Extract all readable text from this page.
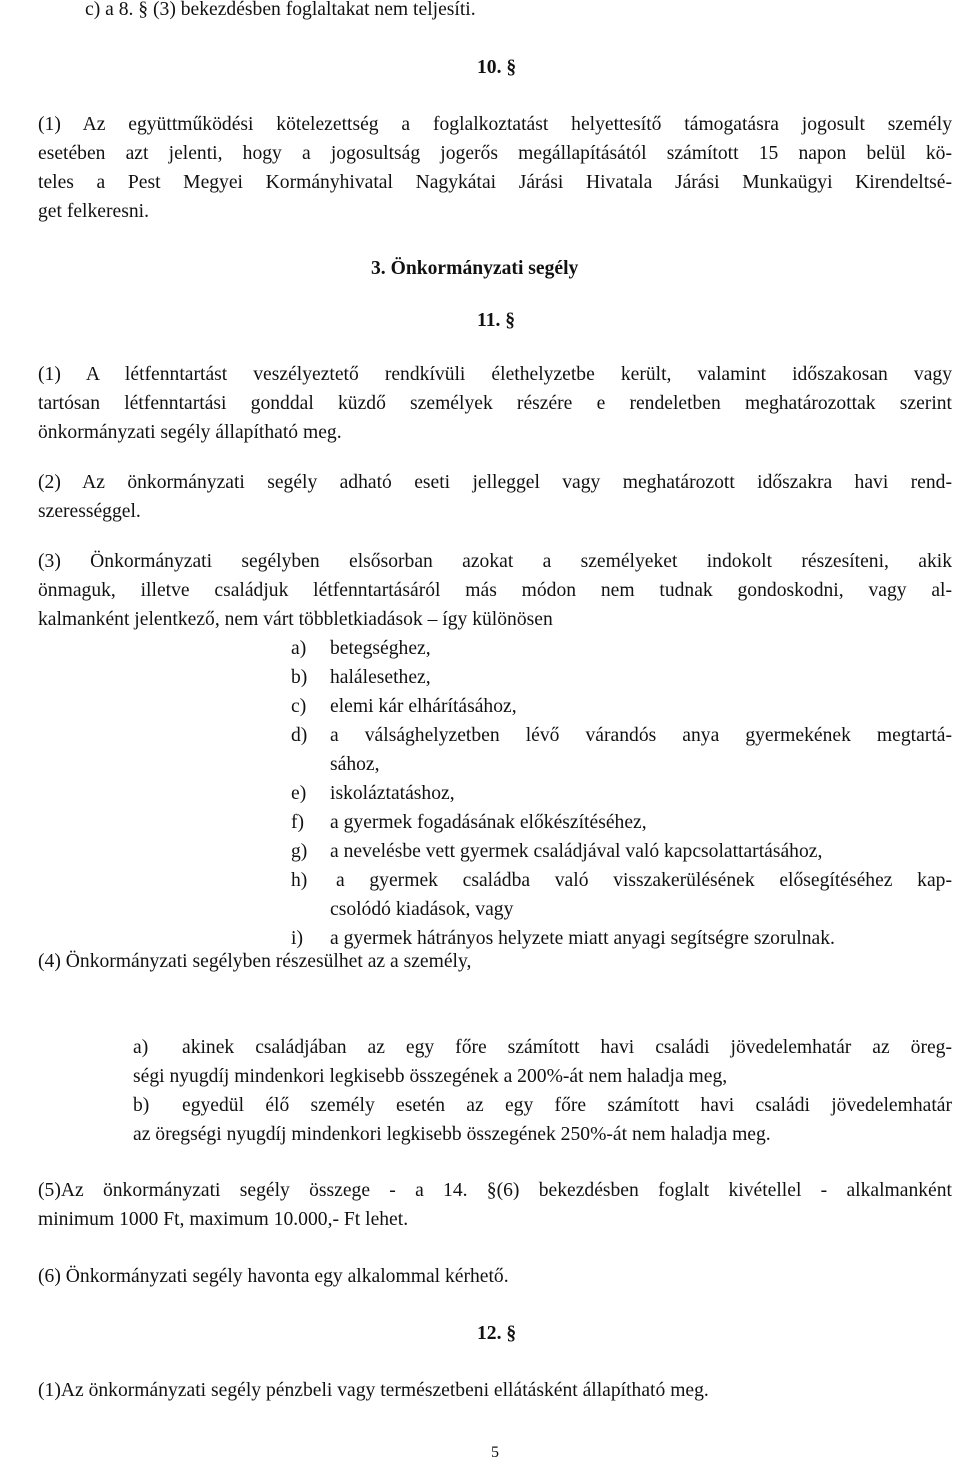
c) a 8. § (3) bekezdésben foglaltakat nem teljesíti.
10. §
(1) Az együttműködési kötelezettség a foglalkoztatást helyettesítő támogatásra jogosult személy
esetében azt jelenti, hogy a jogosultság jogerős megállapításától számított 15 napon belül kö-
teles a Pest Megyei Kormányhivatal Nagykátai Járási Hivatala Járási Munkaügyi Kirendeltsé-
get felkeresni.
3. Önkormányzati segély
11. §
(1) A létfenntartást veszélyeztető rendkívüli élethelyzetbe került, valamint időszakosan vagy
tartósan létfenntartási gonddal küzdő személyek részére e rendeletben meghatározottak szerint
önkormányzati segély állapítható meg.
(2) Az önkormányzati segély adható eseti jelleggel vagy meghatározott időszakra havi rend-
szerességgel.
(3) Önkormányzati segélyben elsősorban azokat a személyeket indokolt részesíteni, akik
önmaguk, illetve családjuk létfenntartásáról más módon nem tudnak gondoskodni, vagy al-
kalmanként jelentkező, nem várt többletkiadások – így különösen
a) betegséghez,
b) halálesethez,
c) elemi kár elhárításához,
d) a válsághelyzetben lévő várandós anya gyermekének megtartá-
sához,
e) iskoláztatáshoz,
f) a gyermek fogadásának előkészítéséhez,
g) a nevelésbe vett gyermek családjával való kapcsolattartásához,
h) a gyermek családba való visszakerülésének elősegítéséhez kap-
csolódó kiadások, vagy
i) a gyermek hátrányos helyzete miatt anyagi segítségre szorulnak.
(4) Önkormányzati segélyben részesülhet az a személy,
a) akinek családjában az egy főre számított havi családi jövedelemhatár az öreg-
ségi nyugdíj mindenkori legkisebb összegének a 200%-át nem haladja meg,
b) egyedül élő személy esetén az egy főre számított havi családi jövedelemhatár
az öregségi nyugdíj mindenkori legkisebb összegének 250%-át nem haladja meg.
(5)Az önkormányzati segély összege - a 14. §(6) bekezdésben foglalt kivétellel - alkalmanként
minimum 1000 Ft, maximum 10.000,- Ft lehet.
(6) Önkormányzati segély havonta egy alkalommal kérhető.
12. §
(1)Az önkormányzati segély pénzbeli vagy természetbeni ellátásként állapítható meg.
5
